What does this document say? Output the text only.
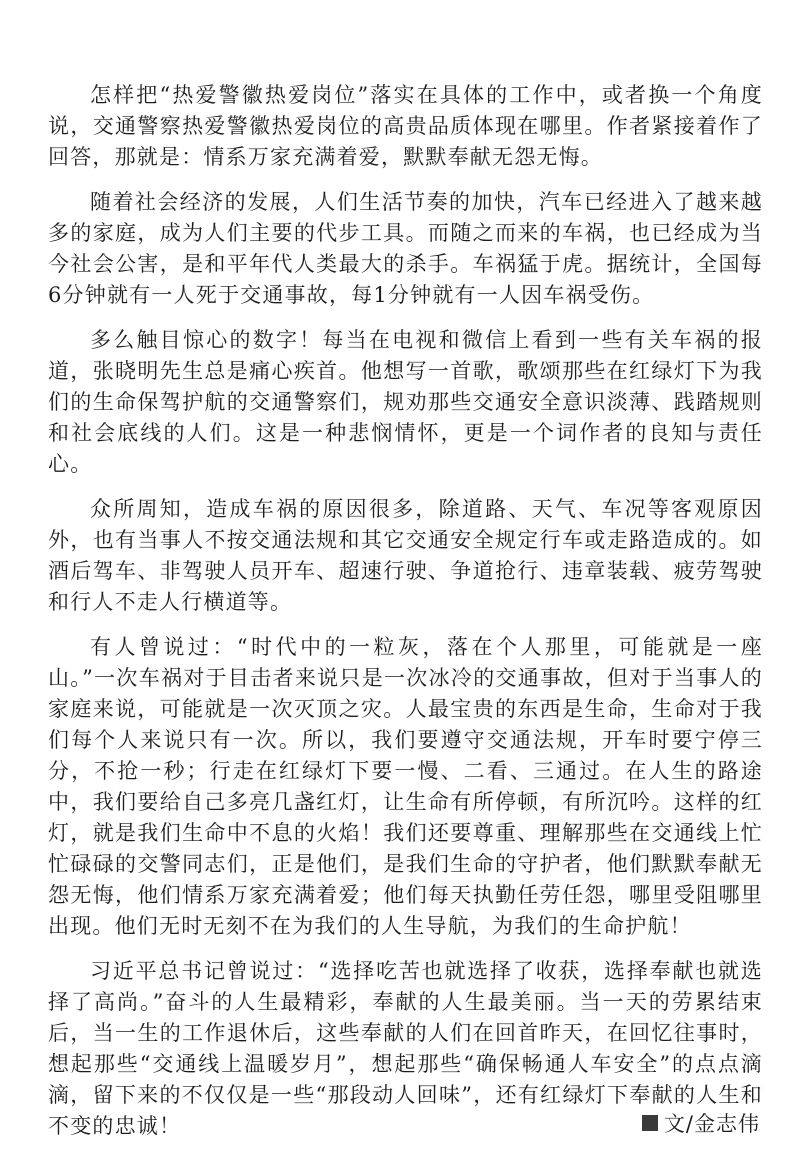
怎样把“热爱警徽热爱岗位”落实在具体的工作中，或者换一个角度说，交通警察热爱警徽热爱岗位的高贵品质体现在哪里。作者紧接着作了回答，那就是：情系万家充满着爱，默默奉献无怨无悔。

随着社会经济的发展，人们生活节奏的加快，汽车已经进入了越来越多的家庭，成为人们主要的代步工具。而随之而来的车祸，也已经成为当今社会公害，是和平年代人类最大的杀手。车祸猛于虎。据统计，全国每6分钟就有一人死于交通事故，每1分钟就有一人因车祸受伤。

多么触目惊心的数字！每当在电视和微信上看到一些有关车祸的报道，张晓明先生总是痛心疾首。他想写一首歌，歌颂那些在红绿灯下为我们的生命保驾护航的交通警察们，规劝那些交通安全意识淡薄、践踏规则和社会底线的人们。这是一种悲悯情怀，更是一个词作者的良知与责任心。

众所周知，造成车祸的原因很多，除道路、天气、车况等客观原因外，也有当事人不按交通法规和其它交通安全规定行车或走路造成的。如酒后驾车、非驾驶人员开车、超速行驶、争道抢行、违章装载、疲劳驾驶和行人不走人行横道等。

有人曾说过：“时代中的一粒灰，落在个人那里，可能就是一座山。”一次车祸对于目击者来说只是一次冰冷的交通事故，但对于当事人的家庭来说，可能就是一次灭顶之灾。人最宝贵的东西是生命，生命对于我们每个人来说只有一次。所以，我们要遵守交通法规，开车时要宁停三分，不抢一秒；行走在红绿灯下要一慢、二看、三通过。在人生的路途中，我们要给自己多亮几盏红灯，让生命有所停顿，有所沉吟。这样的红灯，就是我们生命中不息的火焰！我们还要尊重、理解那些在交通线上忙忙碌碌的交警同志们，正是他们，是我们生命的守护者，他们默默奉献无怨无悔，他们情系万家充满着爱；他们每天执勤任劳任怨，哪里受阻哪里出现。他们无时无刻不在为我们的人生导航，为我们的生命护航！

习近平总书记曾说过：“选择吃苦也就选择了收获，选择奉献也就选择了高尚。”奋斗的人生最精彩，奉献的人生最美丽。当一天的劳累结束后，当一生的工作退休后，这些奉献的人们在回首昨天，在回忆往事时，想起那些“交通线上温暖岁月”，想起那些“确保畅通人车安全”的点点滴滴，留下来的不仅仅是一些“那段动人回味”，还有红绿灯下奉献的人生和不变的忠诚！	文/金志伟
